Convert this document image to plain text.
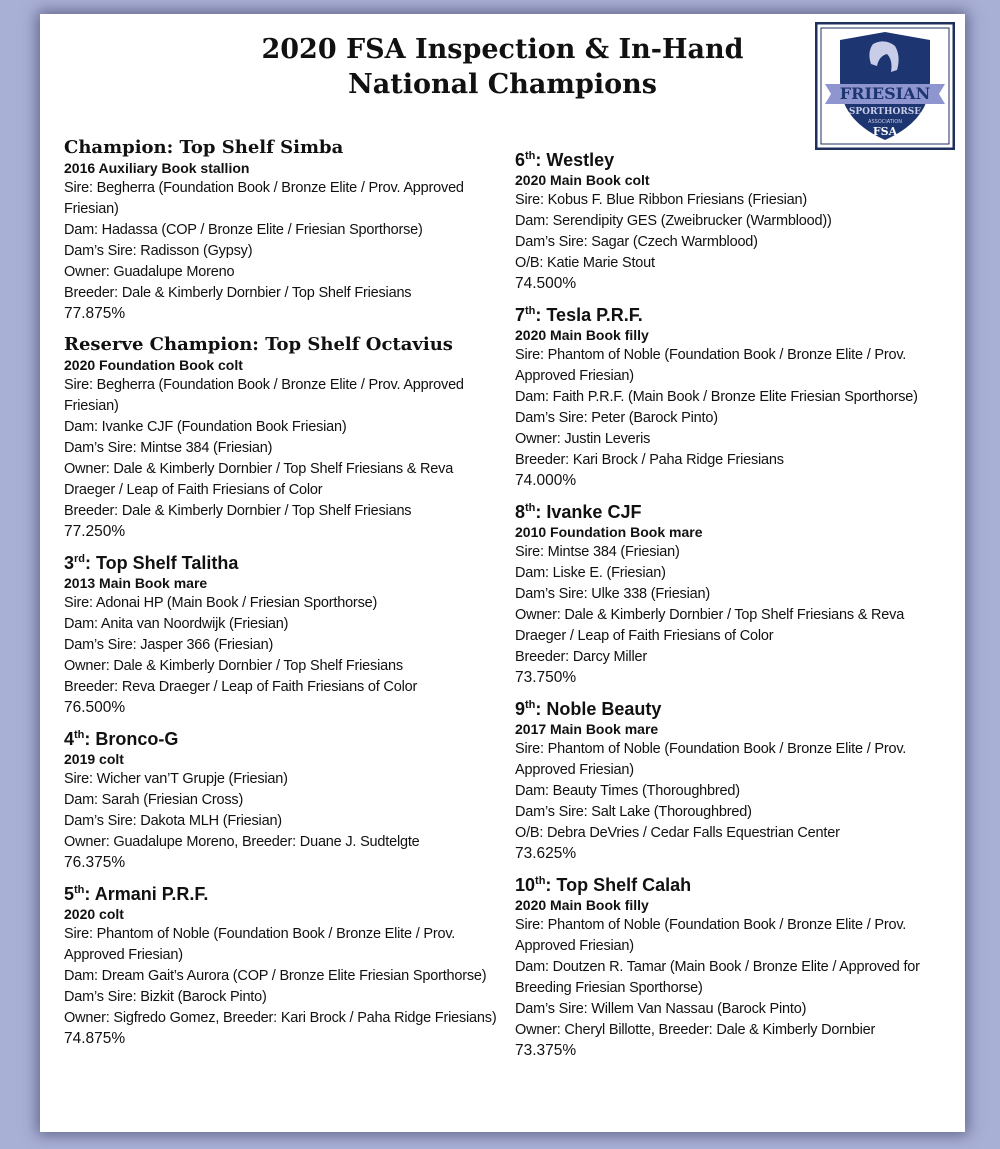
2020 FSA Inspection & In-Hand
National Champions	FRIESIAN
SPORTHORSE
ASSOCIATION
FSA
Champion: Top Shelf Simba
2016 Auxiliary Book stallion
Sire: Begherra (Foundation Book / Bronze Elite / Prov. Approved Friesian)
Dam: Hadassa (COP / Bronze Elite / Friesian Sporthorse)
Dam’s Sire: Radisson (Gypsy)
Owner: Guadalupe Moreno
Breeder: Dale & Kimberly Dornbier / Top Shelf Friesians
77.875%
Reserve Champion: Top Shelf Octavius
2020 Foundation Book colt
Sire: Begherra (Foundation Book / Bronze Elite / Prov. Approved Friesian)
Dam: Ivanke CJF (Foundation Book Friesian)
Dam’s Sire: Mintse 384 (Friesian)
Owner: Dale & Kimberly Dornbier / Top Shelf Friesians & Reva Draeger / Leap of Faith Friesians of Color
Breeder: Dale & Kimberly Dornbier / Top Shelf Friesians
77.250%
3rd: Top Shelf Talitha
2013 Main Book mare
Sire: Adonai HP (Main Book / Friesian Sporthorse)
Dam: Anita van Noordwijk (Friesian)
Dam’s Sire: Jasper 366 (Friesian)
Owner: Dale & Kimberly Dornbier / Top Shelf Friesians
Breeder: Reva Draeger / Leap of Faith Friesians of Color
76.500%
4th: Bronco-G
2019 colt
Sire: Wicher van’T Grupje (Friesian)
Dam: Sarah (Friesian Cross)
Dam’s Sire: Dakota MLH (Friesian)
Owner: Guadalupe Moreno, Breeder: Duane J. Sudtelgte
76.375%
5th: Armani P.R.F.
2020 colt
Sire: Phantom of Noble (Foundation Book / Bronze Elite / Prov. Approved Friesian)
Dam: Dream Gait’s Aurora (COP / Bronze Elite Friesian Sporthorse)
Dam’s Sire: Bizkit (Barock Pinto)
Owner: Sigfredo Gomez, Breeder: Kari Brock / Paha Ridge Friesians)
74.875%
6th: Westley
2020 Main Book colt
Sire: Kobus F. Blue Ribbon Friesians (Friesian)
Dam: Serendipity GES (Zweibrucker (Warmblood))
Dam’s Sire: Sagar (Czech Warmblood)
O/B: Katie Marie Stout
74.500%
7th: Tesla P.R.F.
2020 Main Book filly
Sire: Phantom of Noble (Foundation Book / Bronze Elite / Prov. Approved Friesian)
Dam: Faith P.R.F. (Main Book / Bronze Elite Friesian Sporthorse)
Dam’s Sire: Peter (Barock Pinto)
Owner: Justin Leveris
Breeder: Kari Brock / Paha Ridge Friesians
74.000%
8th: Ivanke CJF
2010 Foundation Book mare
Sire: Mintse 384 (Friesian)
Dam: Liske E. (Friesian)
Dam’s Sire: Ulke 338 (Friesian)
Owner: Dale & Kimberly Dornbier / Top Shelf Friesians & Reva Draeger / Leap of Faith Friesians of Color
Breeder: Darcy Miller
73.750%
9th: Noble Beauty
2017 Main Book mare
Sire: Phantom of Noble (Foundation Book / Bronze Elite / Prov. Approved Friesian)
Dam: Beauty Times (Thoroughbred)
Dam’s Sire: Salt Lake (Thoroughbred)
O/B: Debra DeVries / Cedar Falls Equestrian Center
73.625%
10th: Top Shelf Calah
2020 Main Book filly
Sire: Phantom of Noble (Foundation Book / Bronze Elite / Prov. Approved Friesian)
Dam: Doutzen R. Tamar (Main Book / Bronze Elite / Approved for Breeding Friesian Sporthorse)
Dam’s Sire: Willem Van Nassau (Barock Pinto)
Owner: Cheryl Billotte, Breeder: Dale & Kimberly Dornbier
73.375%
